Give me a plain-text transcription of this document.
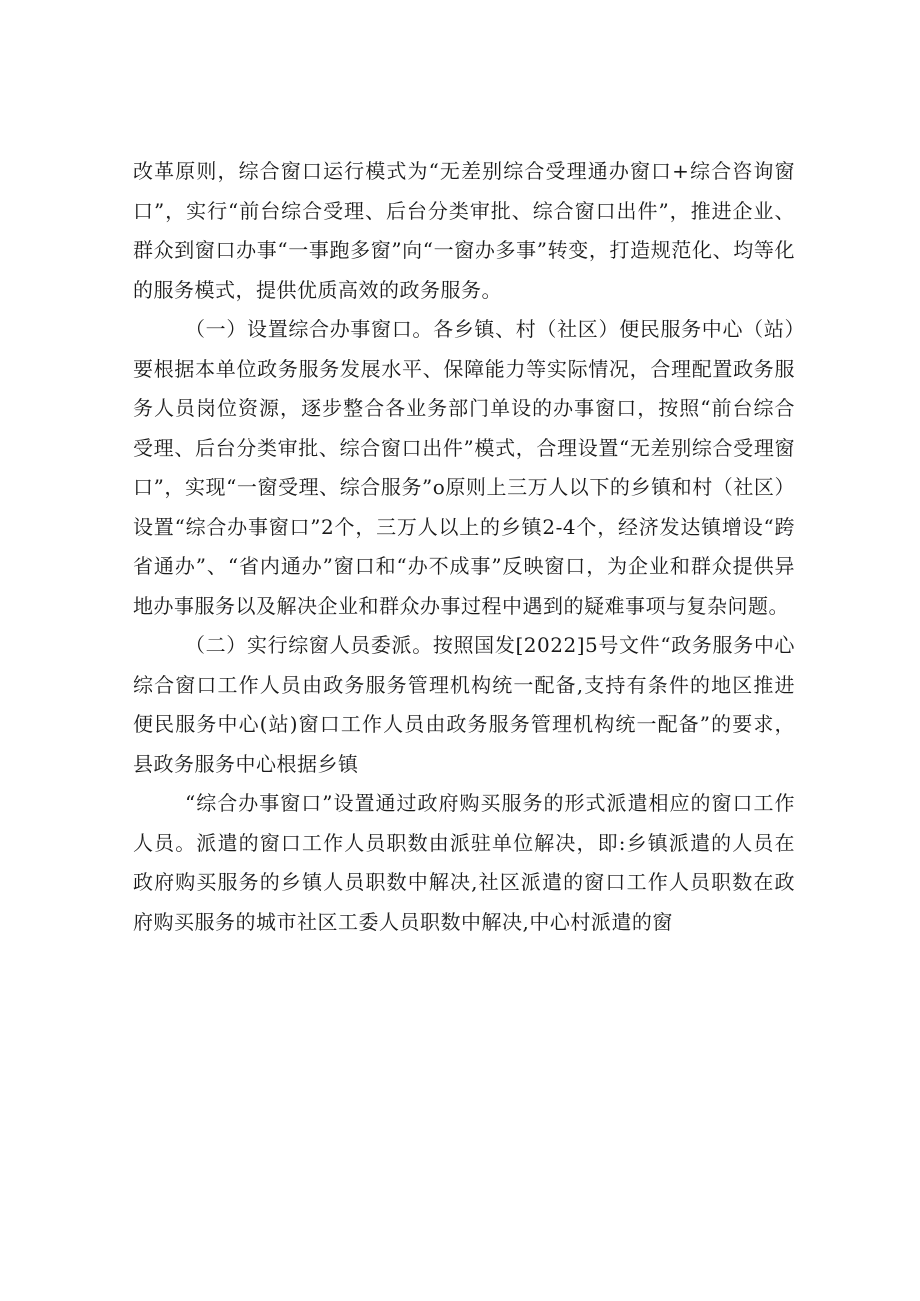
改革原则，综合窗口运行模式为“无差别综合受理通办窗口+综合咨询窗口”，实行“前台综合受理、后台分类审批、综合窗口出件”，推进企业、群众到窗口办事“一事跑多窗”向“一窗办多事”转变，打造规范化、均等化的服务模式，提供优质高效的政务服务。

（一）设置综合办事窗口。各乡镇、村（社区）便民服务中心（站）要根据本单位政务服务发展水平、保障能力等实际情况，合理配置政务服务人员岗位资源，逐步整合各业务部门单设的办事窗口，按照“前台综合受理、后台分类审批、综合窗口出件”模式，合理设置“无差别综合受理窗口”，实现“一窗受理、综合服务”o原则上三万人以下的乡镇和村（社区）设置“综合办事窗口”2个，三万人以上的乡镇2-4个，经济发达镇增设“跨省通办”、“省内通办”窗口和“办不成事”反映窗口，为企业和群众提供异地办事服务以及解决企业和群众办事过程中遇到的疑难事项与复杂问题。

（二）实行综窗人员委派。按照国发[2022]5号文件“政务服务中心综合窗口工作人员由政务服务管理机构统一配备,支持有条件的地区推进便民服务中心(站)窗口工作人员由政务服务管理机构统一配备”的要求，县政务服务中心根据乡镇

“综合办事窗口”设置通过政府购买服务的形式派遣相应的窗口工作人员。派遣的窗口工作人员职数由派驻单位解决，即:乡镇派遣的人员在政府购买服务的乡镇人员职数中解决,社区派遣的窗口工作人员职数在政府购买服务的城市社区工委人员职数中解决,中心村派遣的窗
